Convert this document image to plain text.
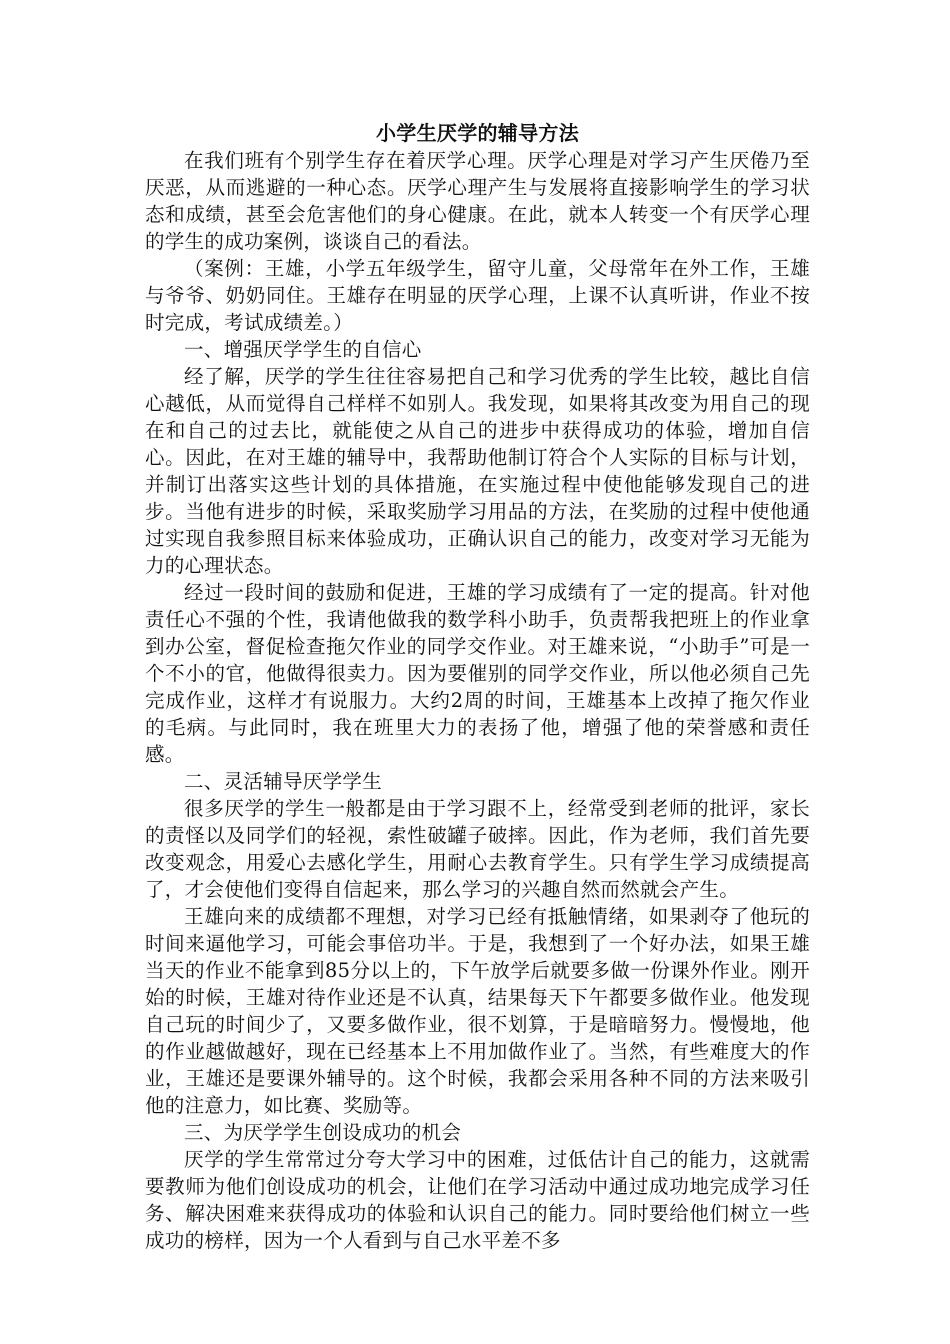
小学生厌学的辅导方法

在我们班有个别学生存在着厌学心理。厌学心理是对学习产生厌倦乃至厌恶，从而逃避的一种心态。厌学心理产生与发展将直接影响学生的学习状态和成绩，甚至会危害他们的身心健康。在此，就本人转变一个有厌学心理的学生的成功案例，谈谈自己的看法。

（案例：王雄，小学五年级学生，留守儿童，父母常年在外工作，王雄与爷爷、奶奶同住。王雄存在明显的厌学心理，上课不认真听讲，作业不按时完成，考试成绩差。）

一、增强厌学学生的自信心

经了解，厌学的学生往往容易把自己和学习优秀的学生比较，越比自信心越低，从而觉得自己样样不如别人。我发现，如果将其改变为用自己的现在和自己的过去比，就能使之从自己的进步中获得成功的体验，增加自信心。因此，在对王雄的辅导中，我帮助他制订符合个人实际的目标与计划，并制订出落实这些计划的具体措施，在实施过程中使他能够发现自己的进步。当他有进步的时候，采取奖励学习用品的方法，在奖励的过程中使他通过实现自我参照目标来体验成功，正确认识自己的能力，改变对学习无能为力的心理状态。

经过一段时间的鼓励和促进，王雄的学习成绩有了一定的提高。针对他责任心不强的个性，我请他做我的数学科小助手，负责帮我把班上的作业拿到办公室，督促检查拖欠作业的同学交作业。对王雄来说，“小助手”可是一个不小的官，他做得很卖力。因为要催别的同学交作业，所以他必须自己先完成作业，这样才有说服力。大约2周的时间，王雄基本上改掉了拖欠作业的毛病。与此同时，我在班里大力的表扬了他，增强了他的荣誉感和责任感。

二、灵活辅导厌学学生

很多厌学的学生一般都是由于学习跟不上，经常受到老师的批评，家长的责怪以及同学们的轻视，索性破罐子破摔。因此，作为老师，我们首先要改变观念，用爱心去感化学生，用耐心去教育学生。只有学生学习成绩提高了，才会使他们变得自信起来，那么学习的兴趣自然而然就会产生。

王雄向来的成绩都不理想，对学习已经有抵触情绪，如果剥夺了他玩的时间来逼他学习，可能会事倍功半。于是，我想到了一个好办法，如果王雄当天的作业不能拿到85分以上的，下午放学后就要多做一份课外作业。刚开始的时候，王雄对待作业还是不认真，结果每天下午都要多做作业。他发现自己玩的时间少了，又要多做作业，很不划算，于是暗暗努力。慢慢地，他的作业越做越好，现在已经基本上不用加做作业了。当然，有些难度大的作业，王雄还是要课外辅导的。这个时候，我都会采用各种不同的方法来吸引他的注意力，如比赛、奖励等。

三、为厌学学生创设成功的机会

厌学的学生常常过分夸大学习中的困难，过低估计自己的能力，这就需要教师为他们创设成功的机会，让他们在学习活动中通过成功地完成学习任务、解决困难来获得成功的体验和认识自己的能力。同时要给他们树立一些成功的榜样，因为一个人看到与自己水平差不多
